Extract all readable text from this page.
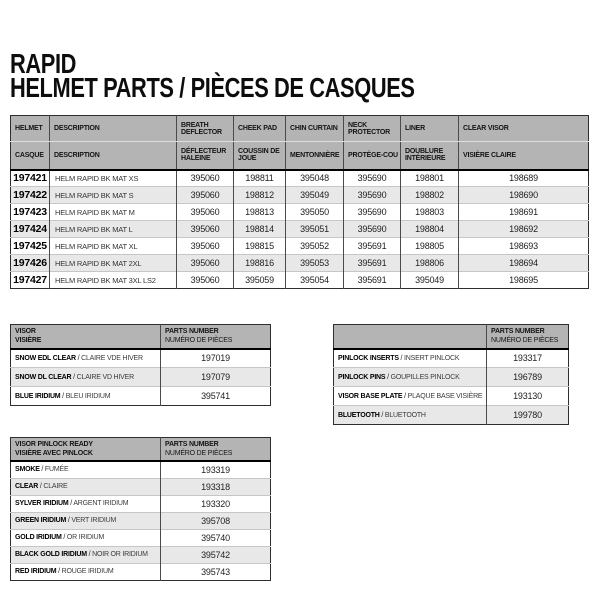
RAPID
HELMET PARTS / PIÈCES DE CASQUES
HELMET	DESCRIPTION	BREATH DEFLECTOR	CHEEK PAD	CHIN CURTAIN	NECK PROTECTOR	LINER	CLEAR VISOR
CASQUE	DESCRIPTION	DÉFLECTEUR HALEINE	COUSSIN DE JOUE	MENTONNIÈRE	PROTÈGE-COU	DOUBLURE INTÉRIEURE	VISIÈRE CLAIRE
197421	HELM RAPID BK MAT XS	395060	198811	395048	395690	198801	198689
197422	HELM RAPID BK MAT S	395060	198812	395049	395690	198802	198690
197423	HELM RAPID BK MAT M	395060	198813	395050	395690	198803	198691
197424	HELM RAPID BK MAT L	395060	198814	395051	395690	198804	198692
197425	HELM RAPID BK MAT XL	395060	198815	395052	395691	198805	198693
197426	HELM RAPID BK MAT 2XL	395060	198816	395053	395691	198806	198694
197427	HELM RAPID BK MAT 3XL LS2	395060	395059	395054	395691	395049	198695
VISOR
VISIÈRE	PARTS NUMBER
NUMÉRO DE PIÈCES

SNOW EDL CLEAR / CLAIRE VDE HIVER	197019
SNOW DL CLEAR / CLAIRE VD HIVER	197079
BLUE IRIDIUM / BLEU IRIDIUM	395741

	PARTS NUMBER
NUMÉRO DE PIÈCES

PINLOCK INSERTS / INSERT PINLOCK	193317
PINLOCK PINS / GOUPILLES PINLOCK	196789
VISOR BASE PLATE / PLAQUE BASE VISIÈRE	193130
BLUETOOTH / BLUETOOTH	199780
VISOR PINLOCK READY
VISIÈRE AVEC PINLOCK	PARTS NUMBER
NUMÉRO DE PIÈCES

SMOKE / FUMÉE	193319
CLEAR / CLAIRE	193318
SYLVER IRIDIUM / ARGENT IRIDIUM	193320
GREEN IRIDIUM / VERT IRIDIUM	395708
GOLD IRIDIUM / OR IRIDIUM	395740
BLACK GOLD IRIDIUM / NOIR OR IRIDIUM	395742
RED IRIDIUM / ROUGE IRIDIUM	395743
